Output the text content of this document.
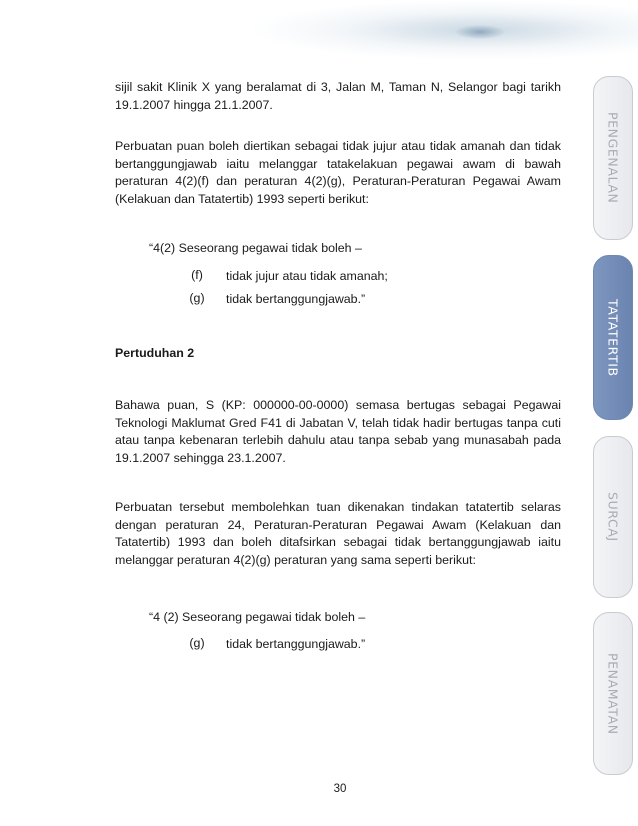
sijil sakit Klinik X yang beralamat di 3, Jalan M, Taman N, Selangor bagi tarikh 19.1.2007 hingga 21.1.2007.

Perbuatan puan boleh diertikan sebagai tidak jujur atau tidak amanah dan tidak bertanggungjawab iaitu melanggar tatakelakuan pegawai awam di bawah peraturan 4(2)(f) dan peraturan 4(2)(g), Peraturan-Peraturan Pegawai Awam (Kelakuan dan Tatatertib) 1993 seperti berikut:

“4(2) Seseorang pegawai tidak boleh –
(f)	tidak jujur atau tidak amanah;
(g)	tidak bertanggungjawab.”
Pertuduhan 2

Bahawa puan, S (KP: 000000-00-0000) semasa bertugas sebagai Pegawai Teknologi Maklumat Gred F41 di Jabatan V, telah tidak hadir bertugas tanpa cuti atau tanpa kebenaran terlebih dahulu atau tanpa sebab yang munasabah pada 19.1.2007 sehingga 23.1.2007.

Perbuatan tersebut membolehkan tuan dikenakan tindakan tatatertib selaras dengan peraturan 24, Peraturan-Peraturan Pegawai Awam (Kelakuan dan Tatatertib) 1993 dan boleh ditafsirkan sebagai tidak bertanggungjawab iaitu melanggar peraturan 4(2)(g) peraturan yang sama seperti berikut:

“4 (2) Seseorang pegawai tidak boleh –
(g)	tidak bertanggungjawab.”
PENGENALAN
TATATERTIB
SURCAJ
PENAMATAN
30
